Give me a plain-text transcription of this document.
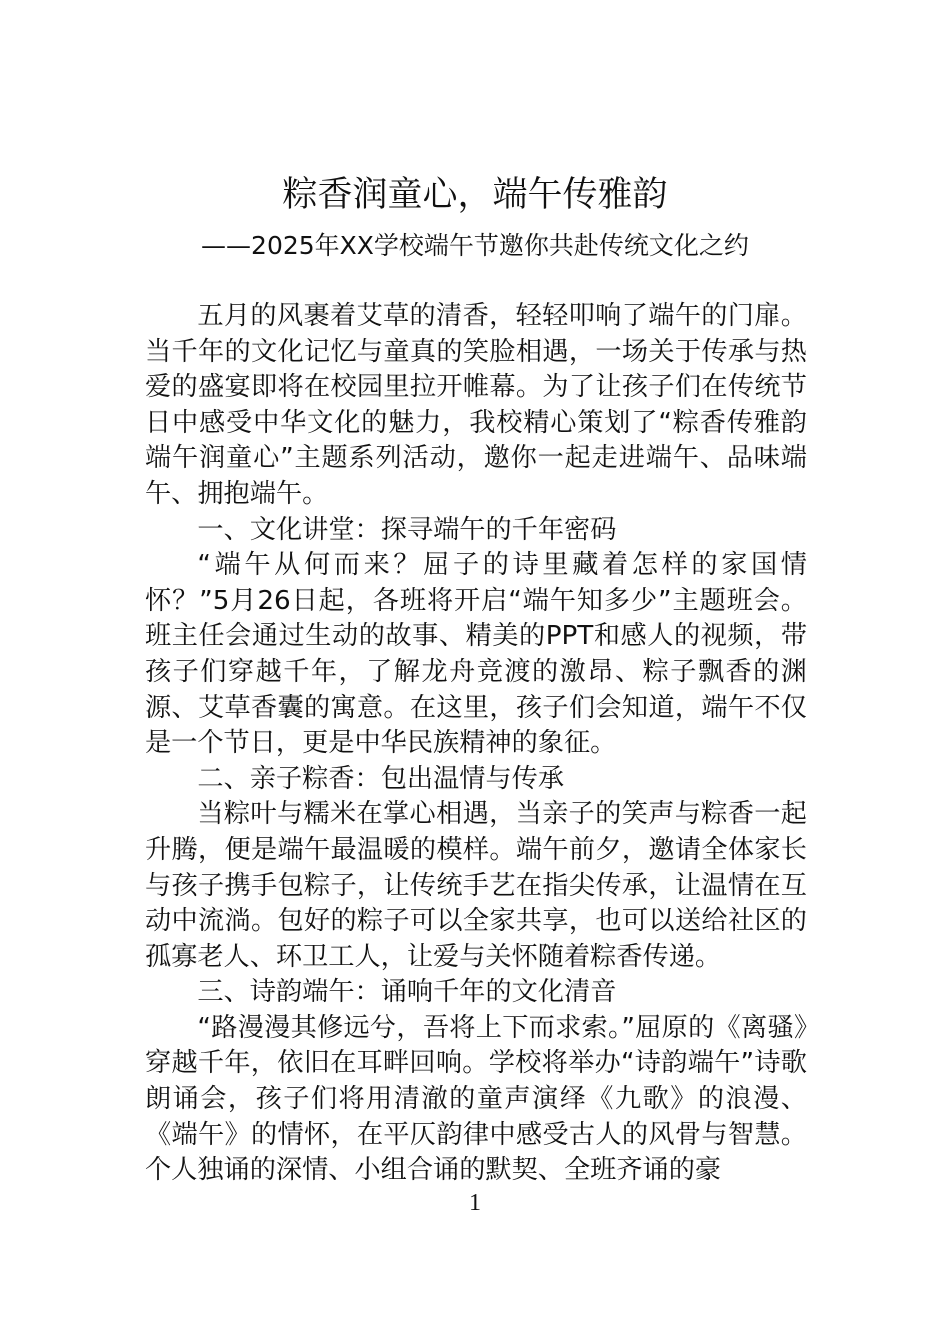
粽香润童心，端午传雅韵
——2025年XX学校端午节邀你共赴传统文化之约

五月的风裹着艾草的清香，轻轻叩响了端午的门扉。当千年的文化记忆与童真的笑脸相遇，一场关于传承与热爱的盛宴即将在校园里拉开帷幕。为了让孩子们在传统节日中感受中华文化的魅力，我校精心策划了“粽香传雅韵 端午润童心”主题系列活动，邀你一起走进端午、品味端午、拥抱端午。

一、文化讲堂：探寻端午的千年密码

“端午从何而来？屈子的诗里藏着怎样的家国情怀？”5月26日起，各班将开启“端午知多少”主题班会。班主任会通过生动的故事、精美的PPT和感人的视频，带孩子们穿越千年，了解龙舟竞渡的激昂、粽子飘香的渊源、艾草香囊的寓意。在这里，孩子们会知道，端午不仅是一个节日，更是中华民族精神的象征。

二、亲子粽香：包出温情与传承

当粽叶与糯米在掌心相遇，当亲子的笑声与粽香一起升腾，便是端午最温暖的模样。端午前夕，邀请全体家长与孩子携手包粽子，让传统手艺在指尖传承，让温情在互动中流淌。包好的粽子可以全家共享，也可以送给社区的孤寡老人、环卫工人，让爱与关怀随着粽香传递。

三、诗韵端午：诵响千年的文化清音

“路漫漫其修远兮，吾将上下而求索。”屈原的《离骚》穿越千年，依旧在耳畔回响。学校将举办“诗韵端午”诗歌朗诵会，孩子们将用清澈的童声演绎《九歌》的浪漫、《端午》的情怀，在平仄韵律中感受古人的风骨与智慧。个人独诵的深情、小组合诵的默契、全班齐诵的豪

1
